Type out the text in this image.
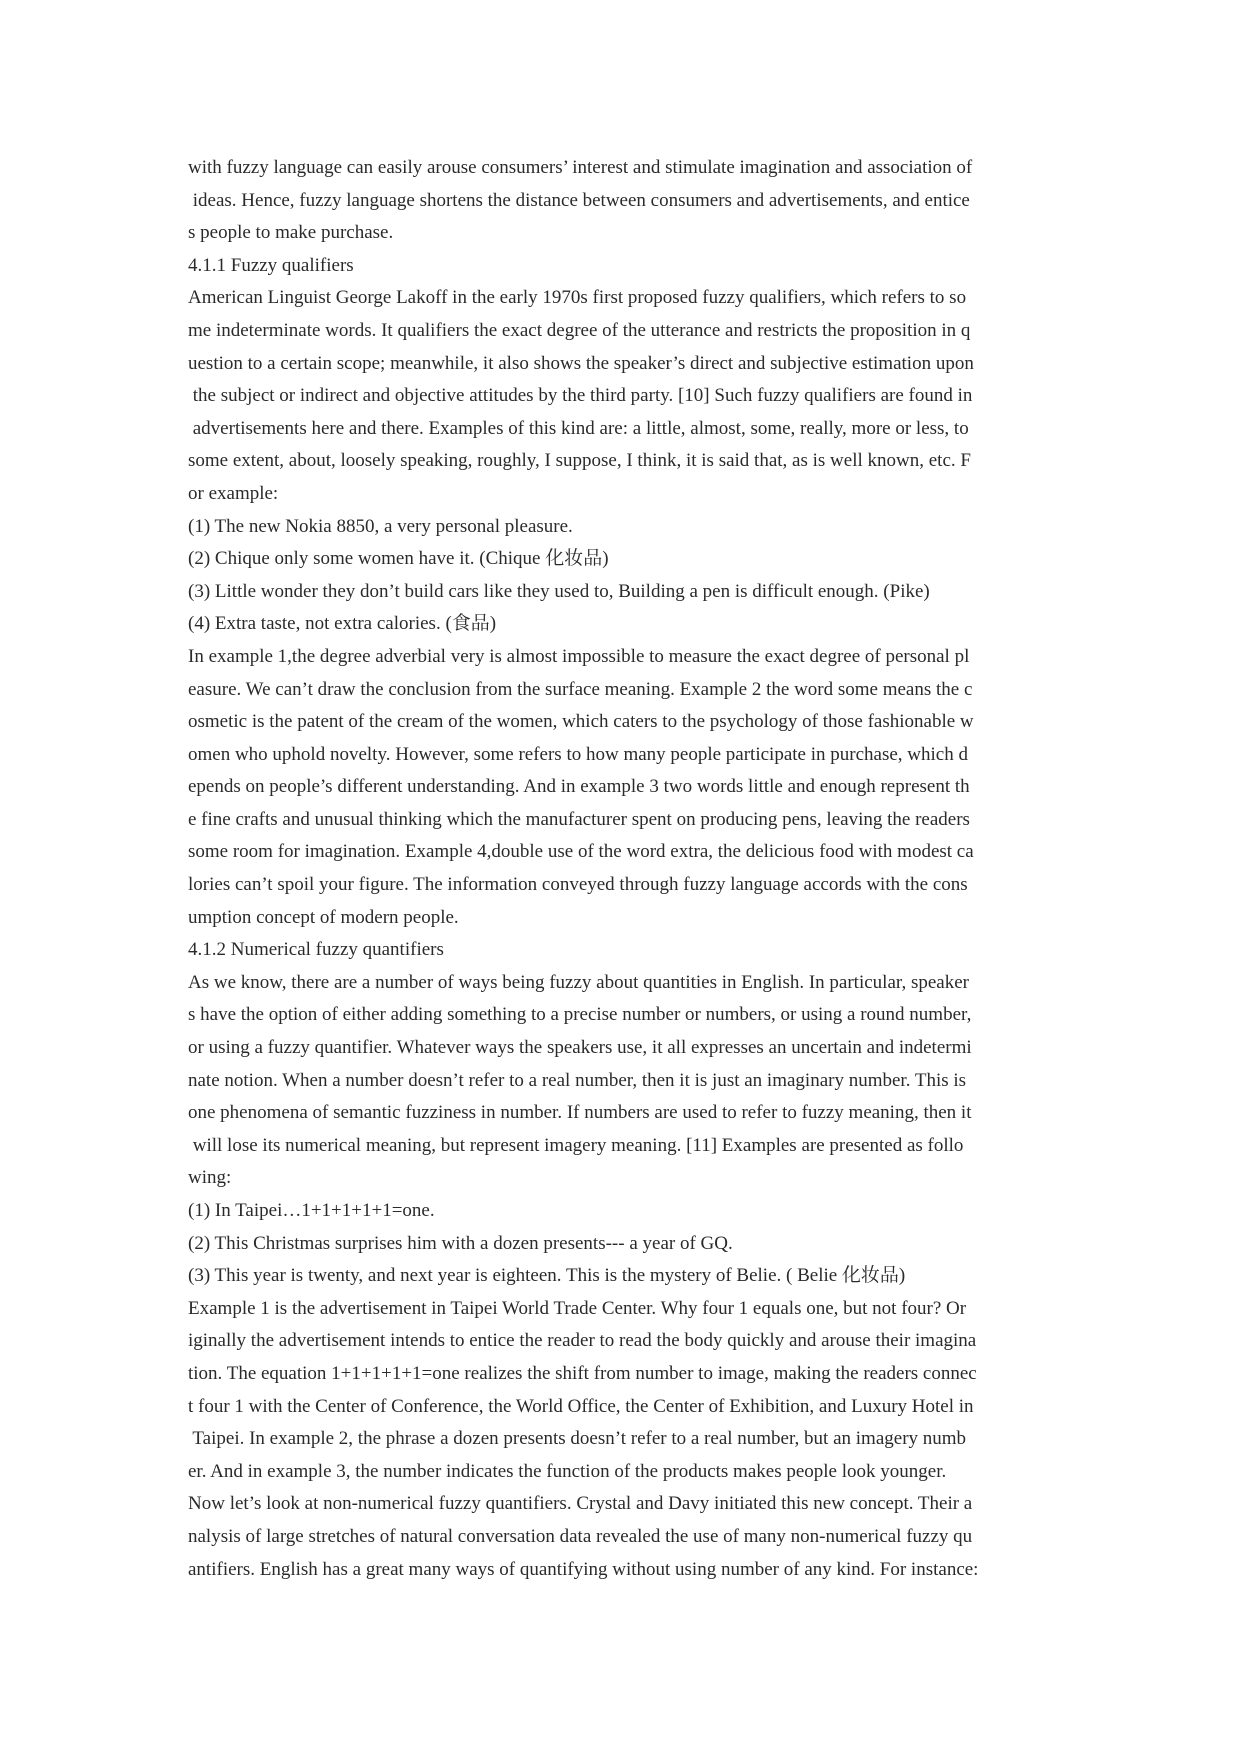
with fuzzy language can easily arouse consumers’ interest and stimulate imagination and association of
ideas. Hence, fuzzy language shortens the distance between consumers and advertisements, and entice
s people to make purchase.
4.1.1 Fuzzy qualifiers
American Linguist George Lakoff in the early 1970s first proposed fuzzy qualifiers, which refers to so
me indeterminate words. It qualifiers the exact degree of the utterance and restricts the proposition in q
uestion to a certain scope; meanwhile, it also shows the speaker’s direct and subjective estimation upon
the subject or indirect and objective attitudes by the third party. [10] Such fuzzy qualifiers are found in
advertisements here and there. Examples of this kind are: a little, almost, some, really, more or less, to
some extent, about, loosely speaking, roughly, I suppose, I think, it is said that, as is well known, etc. F
or example:
(1) The new Nokia 8850, a very personal pleasure.
(2) Chique only some women have it. (Chique 化妆品)
(3) Little wonder they don’t build cars like they used to, Building a pen is difficult enough. (Pike)
(4) Extra taste, not extra calories. (食品)
In example 1,the degree adverbial very is almost impossible to measure the exact degree of personal pl
easure. We can’t draw the conclusion from the surface meaning. Example 2 the word some means the c
osmetic is the patent of the cream of the women, which caters to the psychology of those fashionable w
omen who uphold novelty. However, some refers to how many people participate in purchase, which d
epends on people’s different understanding. And in example 3 two words little and enough represent th
e fine crafts and unusual thinking which the manufacturer spent on producing pens, leaving the readers
some room for imagination. Example 4,double use of the word extra, the delicious food with modest ca
lories can’t spoil your figure. The information conveyed through fuzzy language accords with the cons
umption concept of modern people.
4.1.2 Numerical fuzzy quantifiers
As we know, there are a number of ways being fuzzy about quantities in English. In particular, speaker
s have the option of either adding something to a precise number or numbers, or using a round number,
or using a fuzzy quantifier. Whatever ways the speakers use, it all expresses an uncertain and indetermi
nate notion. When a number doesn’t refer to a real number, then it is just an imaginary number. This is
one phenomena of semantic fuzziness in number. If numbers are used to refer to fuzzy meaning, then it
will lose its numerical meaning, but represent imagery meaning. [11] Examples are presented as follo
wing:
(1) In Taipei…1+1+1+1+1=one.
(2) This Christmas surprises him with a dozen presents--- a year of GQ.
(3) This year is twenty, and next year is eighteen. This is the mystery of Belie. ( Belie 化妆品)
Example 1 is the advertisement in Taipei World Trade Center. Why four 1 equals one, but not four? Or
iginally the advertisement intends to entice the reader to read the body quickly and arouse their imagina
tion. The equation 1+1+1+1+1=one realizes the shift from number to image, making the readers connec
t four 1 with the Center of Conference, the World Office, the Center of Exhibition, and Luxury Hotel in
Taipei. In example 2, the phrase a dozen presents doesn’t refer to a real number, but an imagery numb
er. And in example 3, the number indicates the function of the products makes people look younger.
Now let’s look at non-numerical fuzzy quantifiers. Crystal and Davy initiated this new concept. Their a
nalysis of large stretches of natural conversation data revealed the use of many non-numerical fuzzy qu
antifiers. English has a great many ways of quantifying without using number of any kind. For instance:
